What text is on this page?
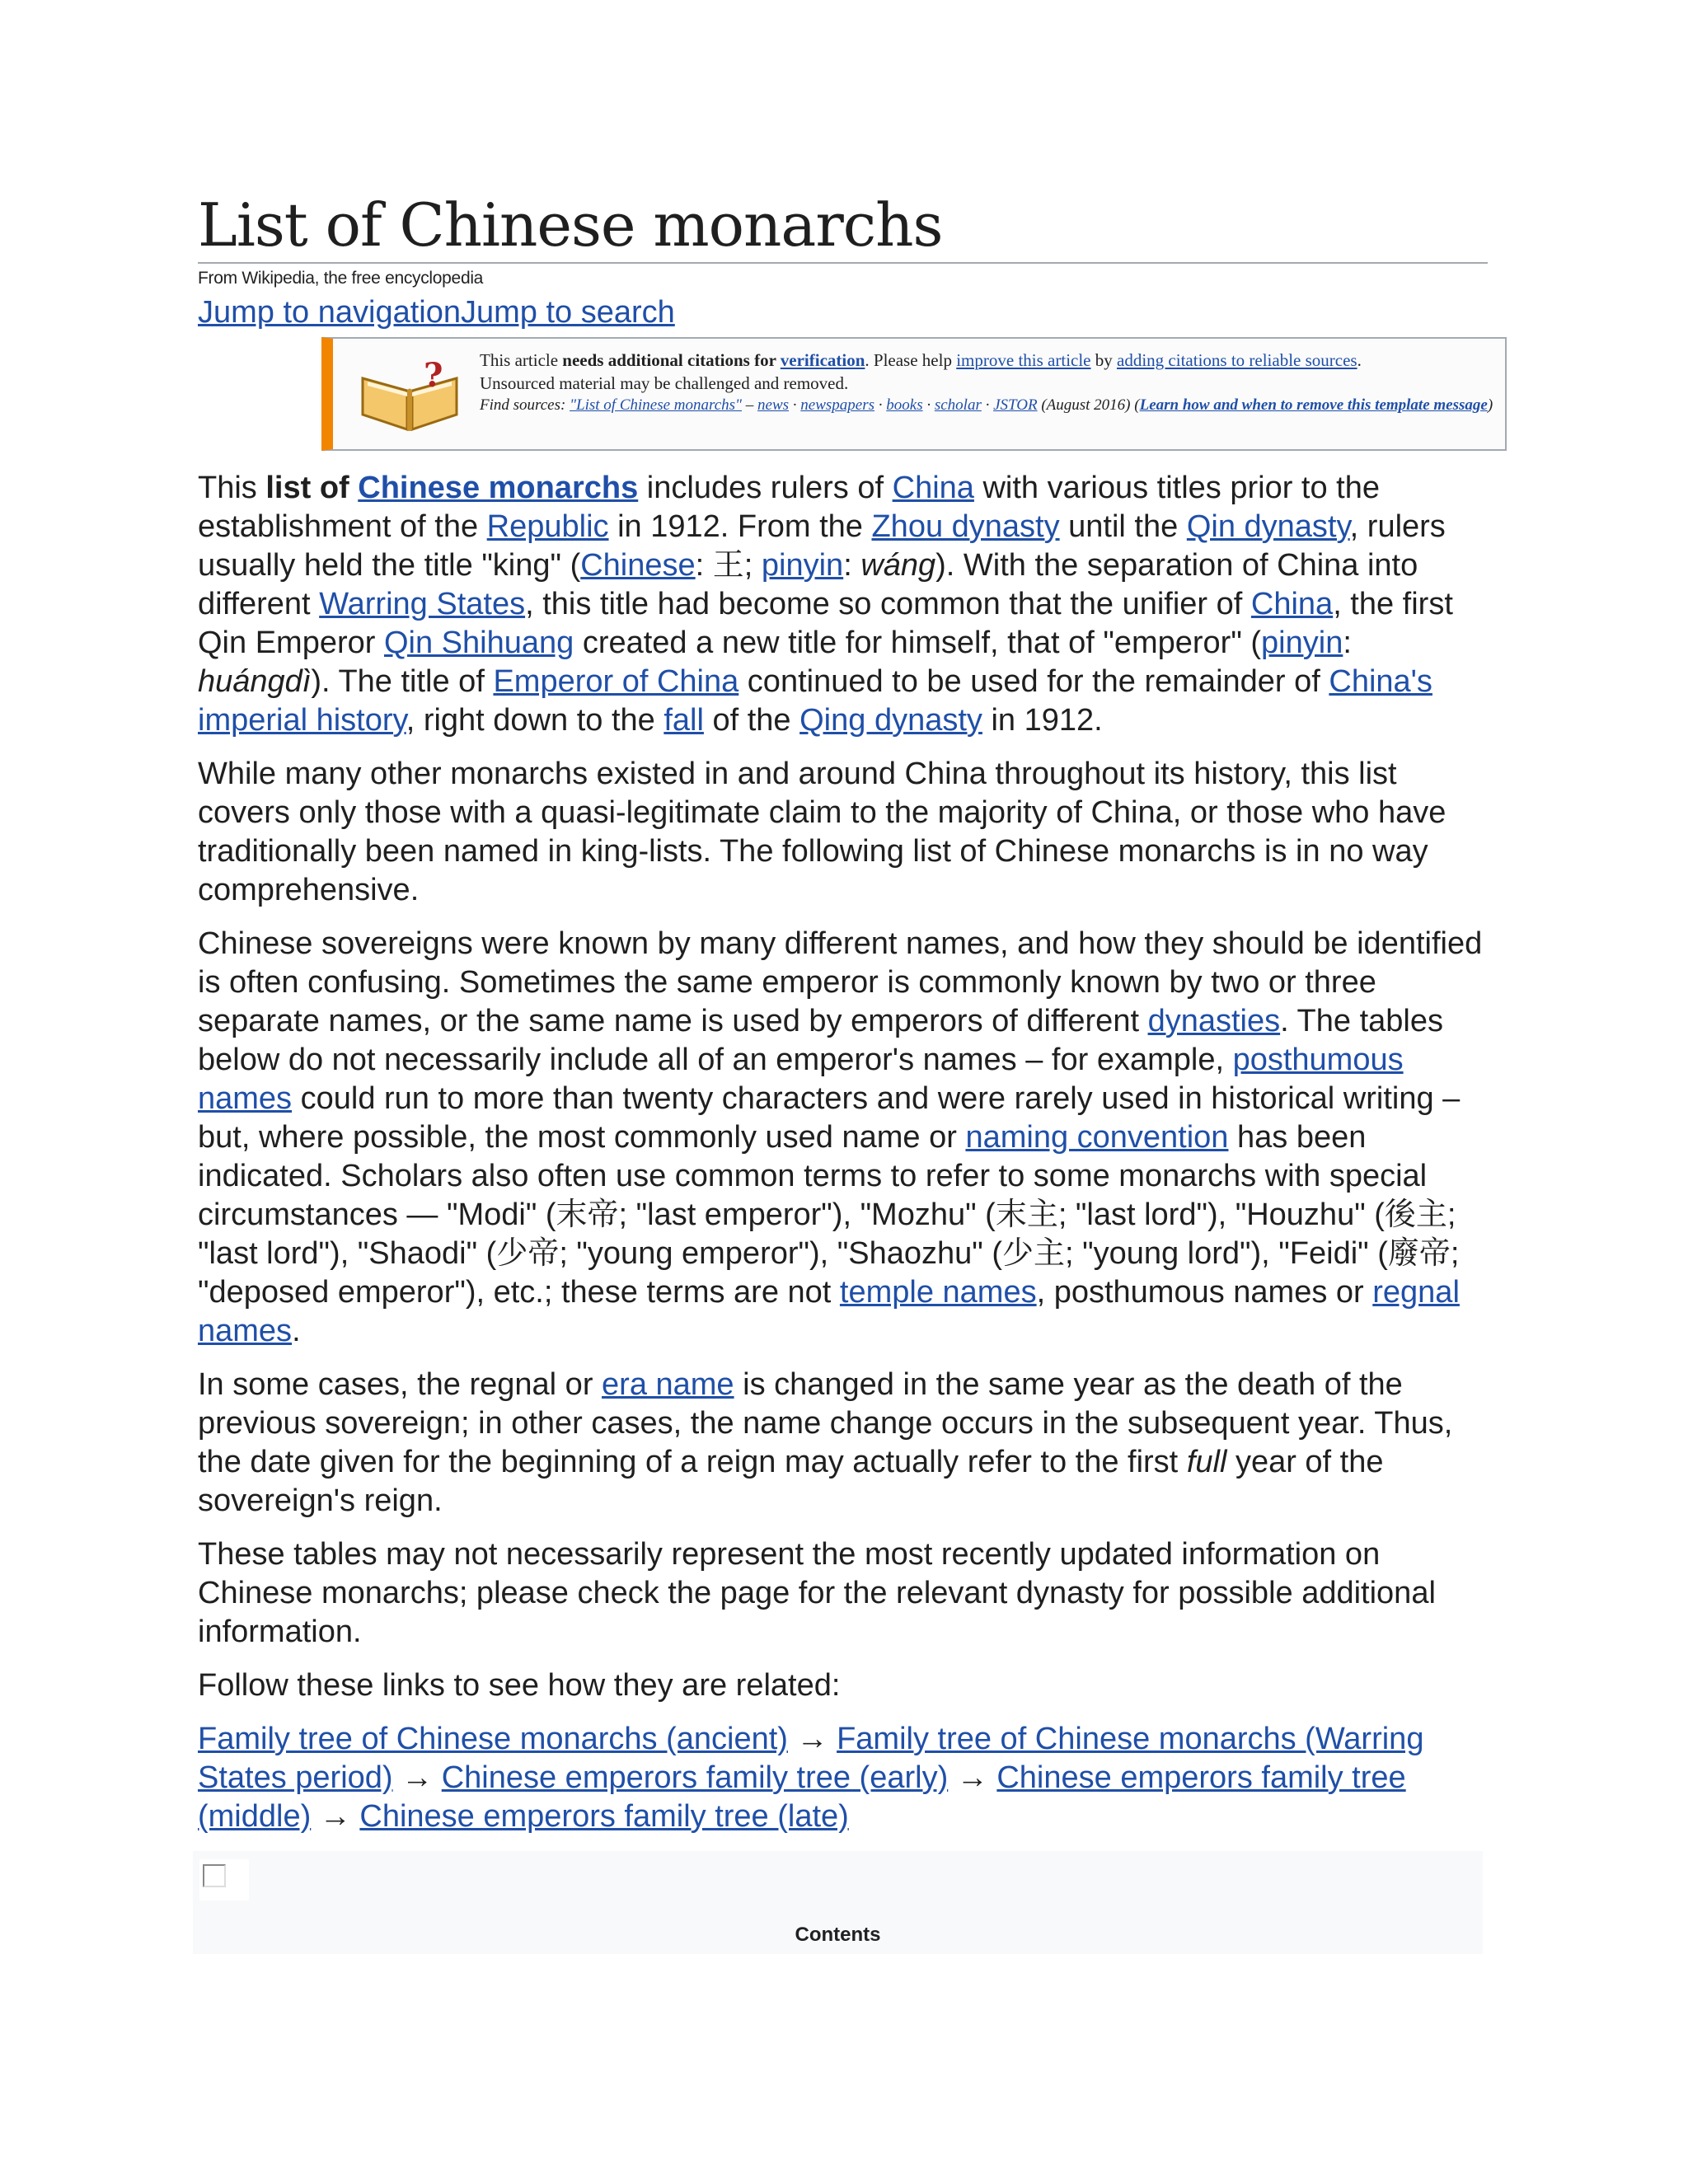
List of Chinese monarchs
From Wikipedia, the free encyclopedia
Jump to navigationJump to search
? This article needs additional citations for verification. Please help improve this article by adding citations to reliable sources.
Unsourced material may be challenged and removed.
Find sources: "List of Chinese monarchs" – news · newspapers · books · scholar · JSTOR (August 2016) (Learn how and when to remove this template message)

This list of Chinese monarchs includes rulers of China with various titles prior to the establishment of the Republic in 1912. From the Zhou dynasty until the Qin dynasty, rulers usually held the title "king" (Chinese: 王; pinyin: wáng). With the separation of China into different Warring States, this title had become so common that the unifier of China, the first Qin Emperor Qin Shihuang created a new title for himself, that of "emperor" (pinyin: huángdì). The title of Emperor of China continued to be used for the remainder of China's imperial history, right down to the fall of the Qing dynasty in 1912.

While many other monarchs existed in and around China throughout its history, this list covers only those with a quasi-legitimate claim to the majority of China, or those who have traditionally been named in king-lists. The following list of Chinese monarchs is in no way comprehensive.

Chinese sovereigns were known by many different names, and how they should be identified is often confusing. Sometimes the same emperor is commonly known by two or three separate names, or the same name is used by emperors of different dynasties. The tables below do not necessarily include all of an emperor's names – for example, posthumous names could run to more than twenty characters and were rarely used in historical writing – but, where possible, the most commonly used name or naming convention has been indicated. Scholars also often use common terms to refer to some monarchs with special circumstances — "Modi" (末帝; "last emperor"), "Mozhu" (末主; "last lord"), "Houzhu" (後主; "last lord"), "Shaodi" (少帝; "young emperor"), "Shaozhu" (少主; "young lord"), "Feidi" (廢帝; "deposed emperor"), etc.; these terms are not temple names, posthumous names or regnal names.

In some cases, the regnal or era name is changed in the same year as the death of the previous sovereign; in other cases, the name change occurs in the subsequent year. Thus, the date given for the beginning of a reign may actually refer to the first full year of the sovereign's reign.

These tables may not necessarily represent the most recently updated information on Chinese monarchs; please check the page for the relevant dynasty for possible additional information.

Follow these links to see how they are related:

Family tree of Chinese monarchs (ancient) → Family tree of Chinese monarchs (Warring States period) → Chinese emperors family tree (early) → Chinese emperors family tree (middle) → Chinese emperors family tree (late)

Contents
